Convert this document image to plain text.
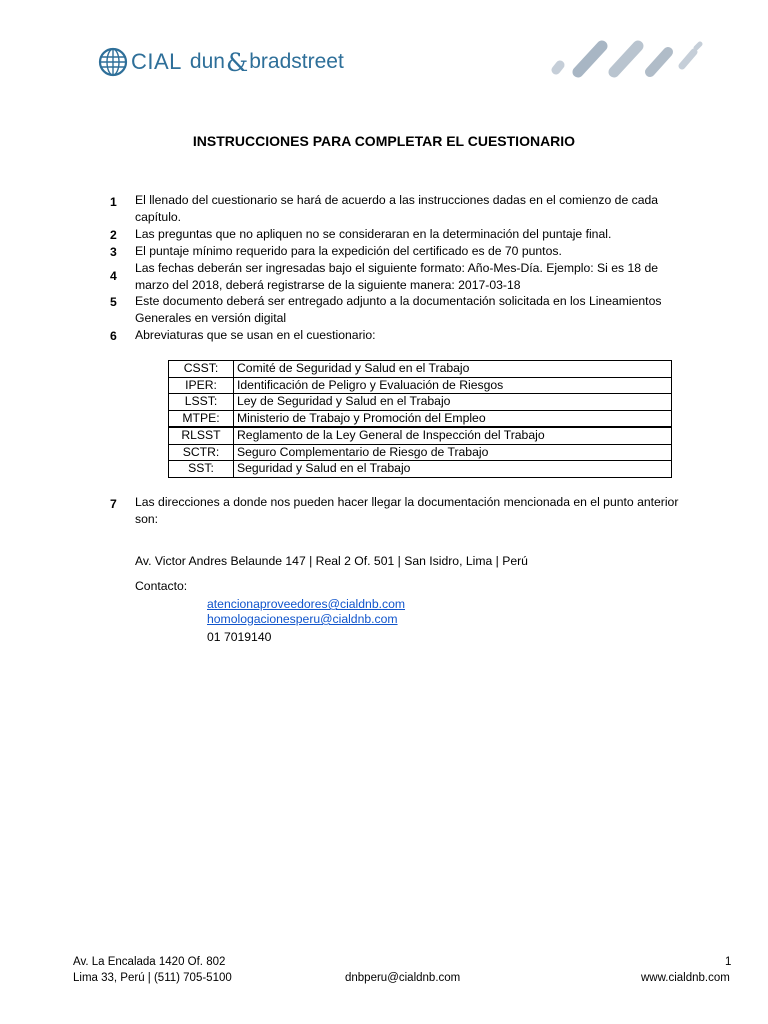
CIAL dun & bradstreet
INSTRUCCIONES PARA COMPLETAR EL CUESTIONARIO
1	El llenado del cuestionario se hará de acuerdo a las instrucciones dadas en el comienzo de cada capítulo.
2	Las preguntas que no apliquen no se consideraran en la determinación del puntaje final.
3	El puntaje mínimo requerido para la expedición del certificado es de 70 puntos.
4
Las fechas deberán ser ingresadas bajo el siguiente formato: Año-Mes-Día. Ejemplo: Si es 18 de marzo del 2018, deberá registrarse de la siguiente manera: 2017-03-18
5	Este documento deberá ser entregado adjunto a la documentación solicitada en los Lineamientos Generales en versión digital
6	Abreviaturas que se usan en el cuestionario:
CSST:	Comité de Seguridad y Salud en el Trabajo
IPER:	Identificación de Peligro y Evaluación de Riesgos
LSST:	Ley de Seguridad y Salud en el Trabajo
MTPE:	Ministerio de Trabajo y Promoción del Empleo
RLSST	Reglamento de la Ley General de Inspección del Trabajo
SCTR:	Seguro Complementario de Riesgo de Trabajo
SST:	Seguridad y Salud en el Trabajo
7	Las direcciones a donde nos pueden hacer llegar la documentación mencionada en el punto anterior son:
Av. Victor Andres Belaunde 147 | Real 2 Of. 501 | San Isidro, Lima | Perú
Contacto:
atencionaproveedores@cialdnb.com
homologacionesperu@cialdnb.com
01 7019140
Av. La Encalada 1420 Of. 802
Lima 33, Perú | (511) 705-5100	dnbperu@cialdnb.com
1
www.cialdnb.com
